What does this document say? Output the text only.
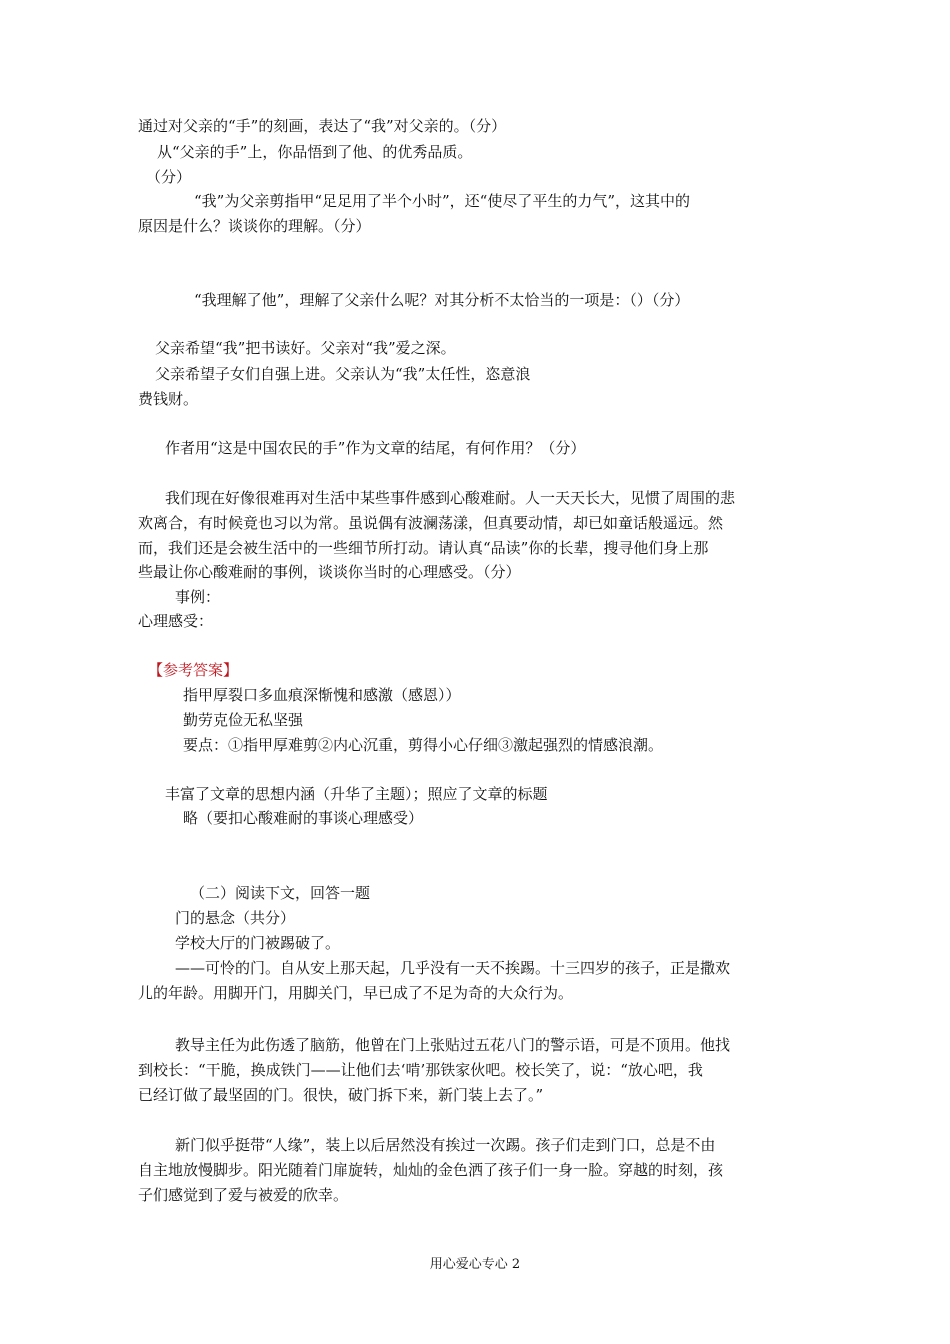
通过对父亲的“手”的刻画，表达了“我”对父亲的。（分）
从“父亲的手”上，你品悟到了他、的优秀品质。
（分）
“我”为父亲剪指甲“足足用了半个小时”，还“使尽了平生的力气”，这其中的
原因是什么？谈谈你的理解。（分）
“我理解了他”，理解了父亲什么呢？对其分析不太恰当的一项是：（）（分）
父亲希望“我”把书读好。父亲对“我”爱之深。
父亲希望子女们自强上进。父亲认为“我”太任性，恣意浪
费钱财。
作者用“这是中国农民的手”作为文章的结尾，有何作用？（分）
我们现在好像很难再对生活中某些事件感到心酸难耐。人一天天长大，见惯了周围的悲
欢离合，有时候竟也习以为常。虽说偶有波澜荡漾，但真要动情，却已如童话般遥远。然
而，我们还是会被生活中的一些细节所打动。请认真“品读”你的长辈，搜寻他们身上那
些最让你心酸难耐的事例，谈谈你当时的心理感受。（分）
事例：
心理感受：
【参考答案】
指甲厚裂口多血痕深惭愧和感激（感恩））
勤劳克俭无私坚强
要点：①指甲厚难剪②内心沉重，剪得小心仔细③激起强烈的情感浪潮。
丰富了文章的思想内涵（升华了主题）；照应了文章的标题
略（要扣心酸难耐的事谈心理感受）
（二）阅读下文，回答一题
门的悬念（共分）
学校大厅的门被踢破了。
——可怜的门。自从安上那天起，几乎没有一天不挨踢。十三四岁的孩子，正是撒欢
儿的年龄。用脚开门，用脚关门，早已成了不足为奇的大众行为。
教导主任为此伤透了脑筋，他曾在门上张贴过五花八门的警示语，可是不顶用。他找
到校长：“干脆，换成铁门——让他们去‘啃’那铁家伙吧。校长笑了，说：“放心吧，我
已经订做了最坚固的门。很快，破门拆下来，新门装上去了。”
新门似乎挺带“人缘”，装上以后居然没有挨过一次踢。孩子们走到门口，总是不由
自主地放慢脚步。阳光随着门扉旋转，灿灿的金色洒了孩子们一身一脸。穿越的时刻，孩
子们感觉到了爱与被爱的欣幸。
用心爱心专心 2
